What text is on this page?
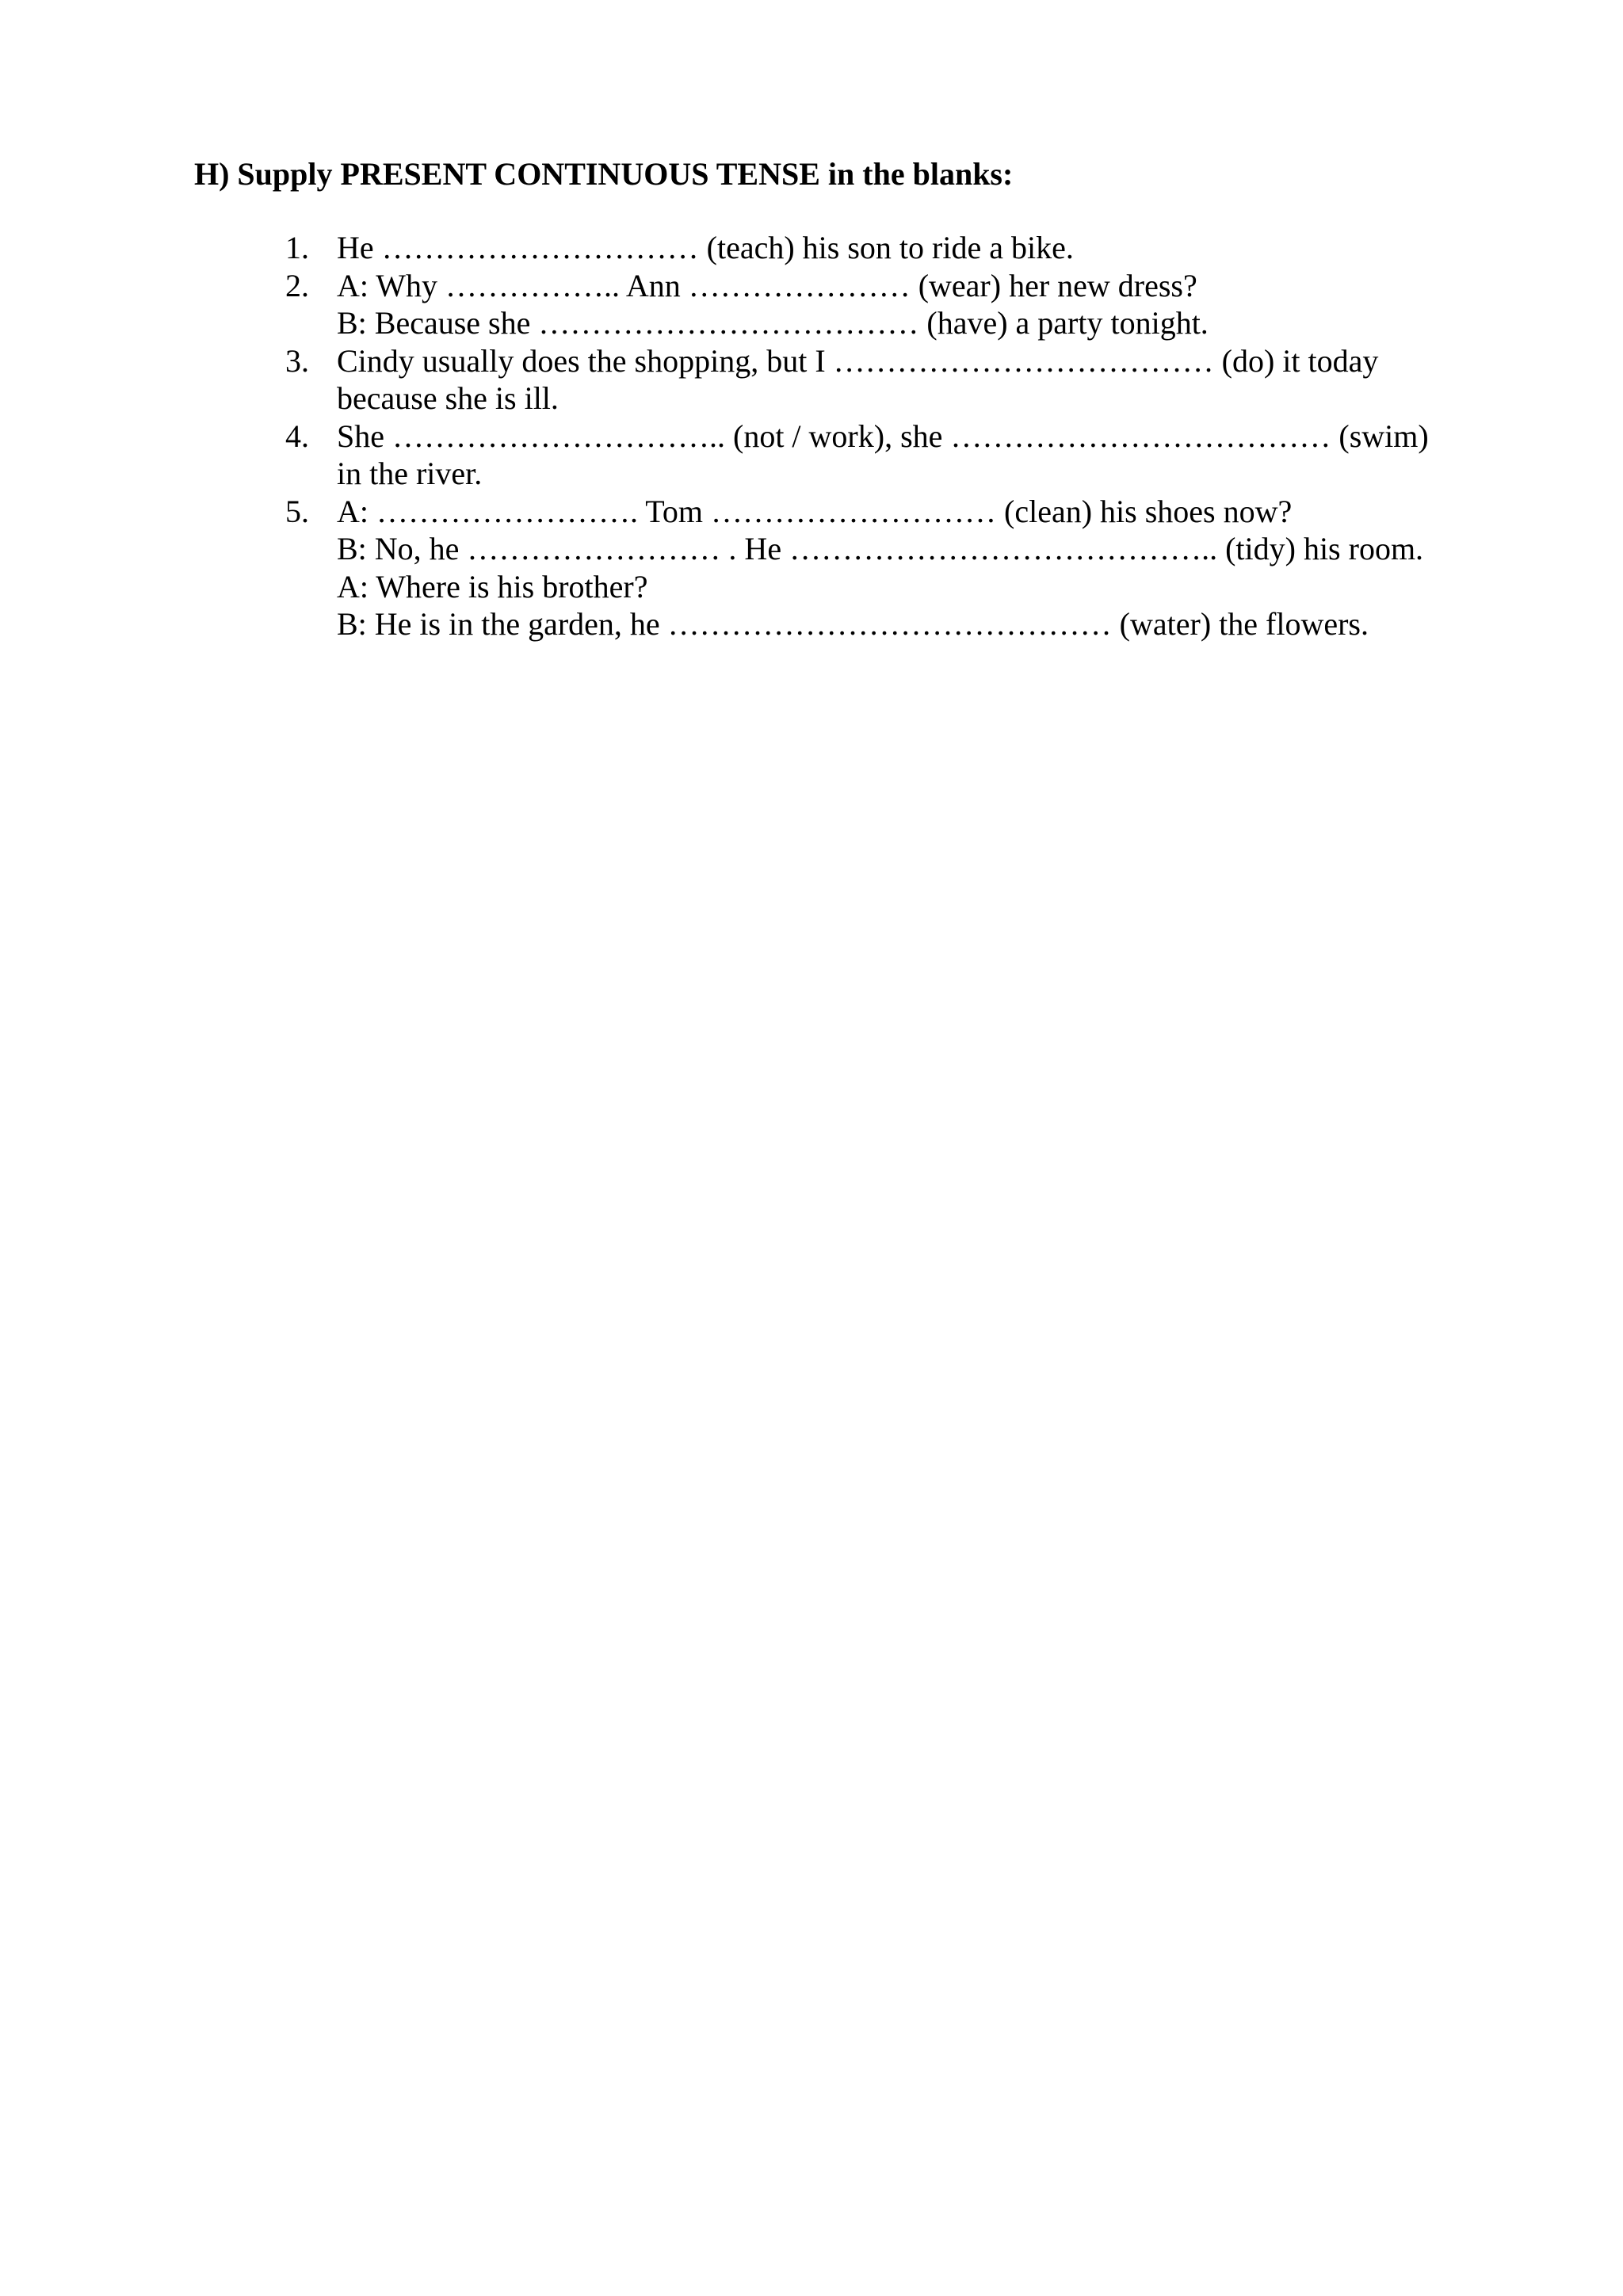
H) Supply PRESENT CONTINUOUS TENSE in the blanks:
1. He ………………………… (teach) his son to ride a bike.
2. A: Why …………….. Ann ………………… (wear) her new dress?
B: Because she ……………………………… (have) a party tonight.
3. Cindy usually does the shopping, but I ……………………………… (do) it today
because she is ill.
4. She ………………………….. (not / work), she ……………………………… (swim)
in the river.
5. A: ……………………. Tom ……………………… (clean) his shoes now?
B: No, he …………………… . He ………………………………….. (tidy) his room.
A: Where is his brother?
B: He is in the garden, he …………………………………… (water) the flowers.
